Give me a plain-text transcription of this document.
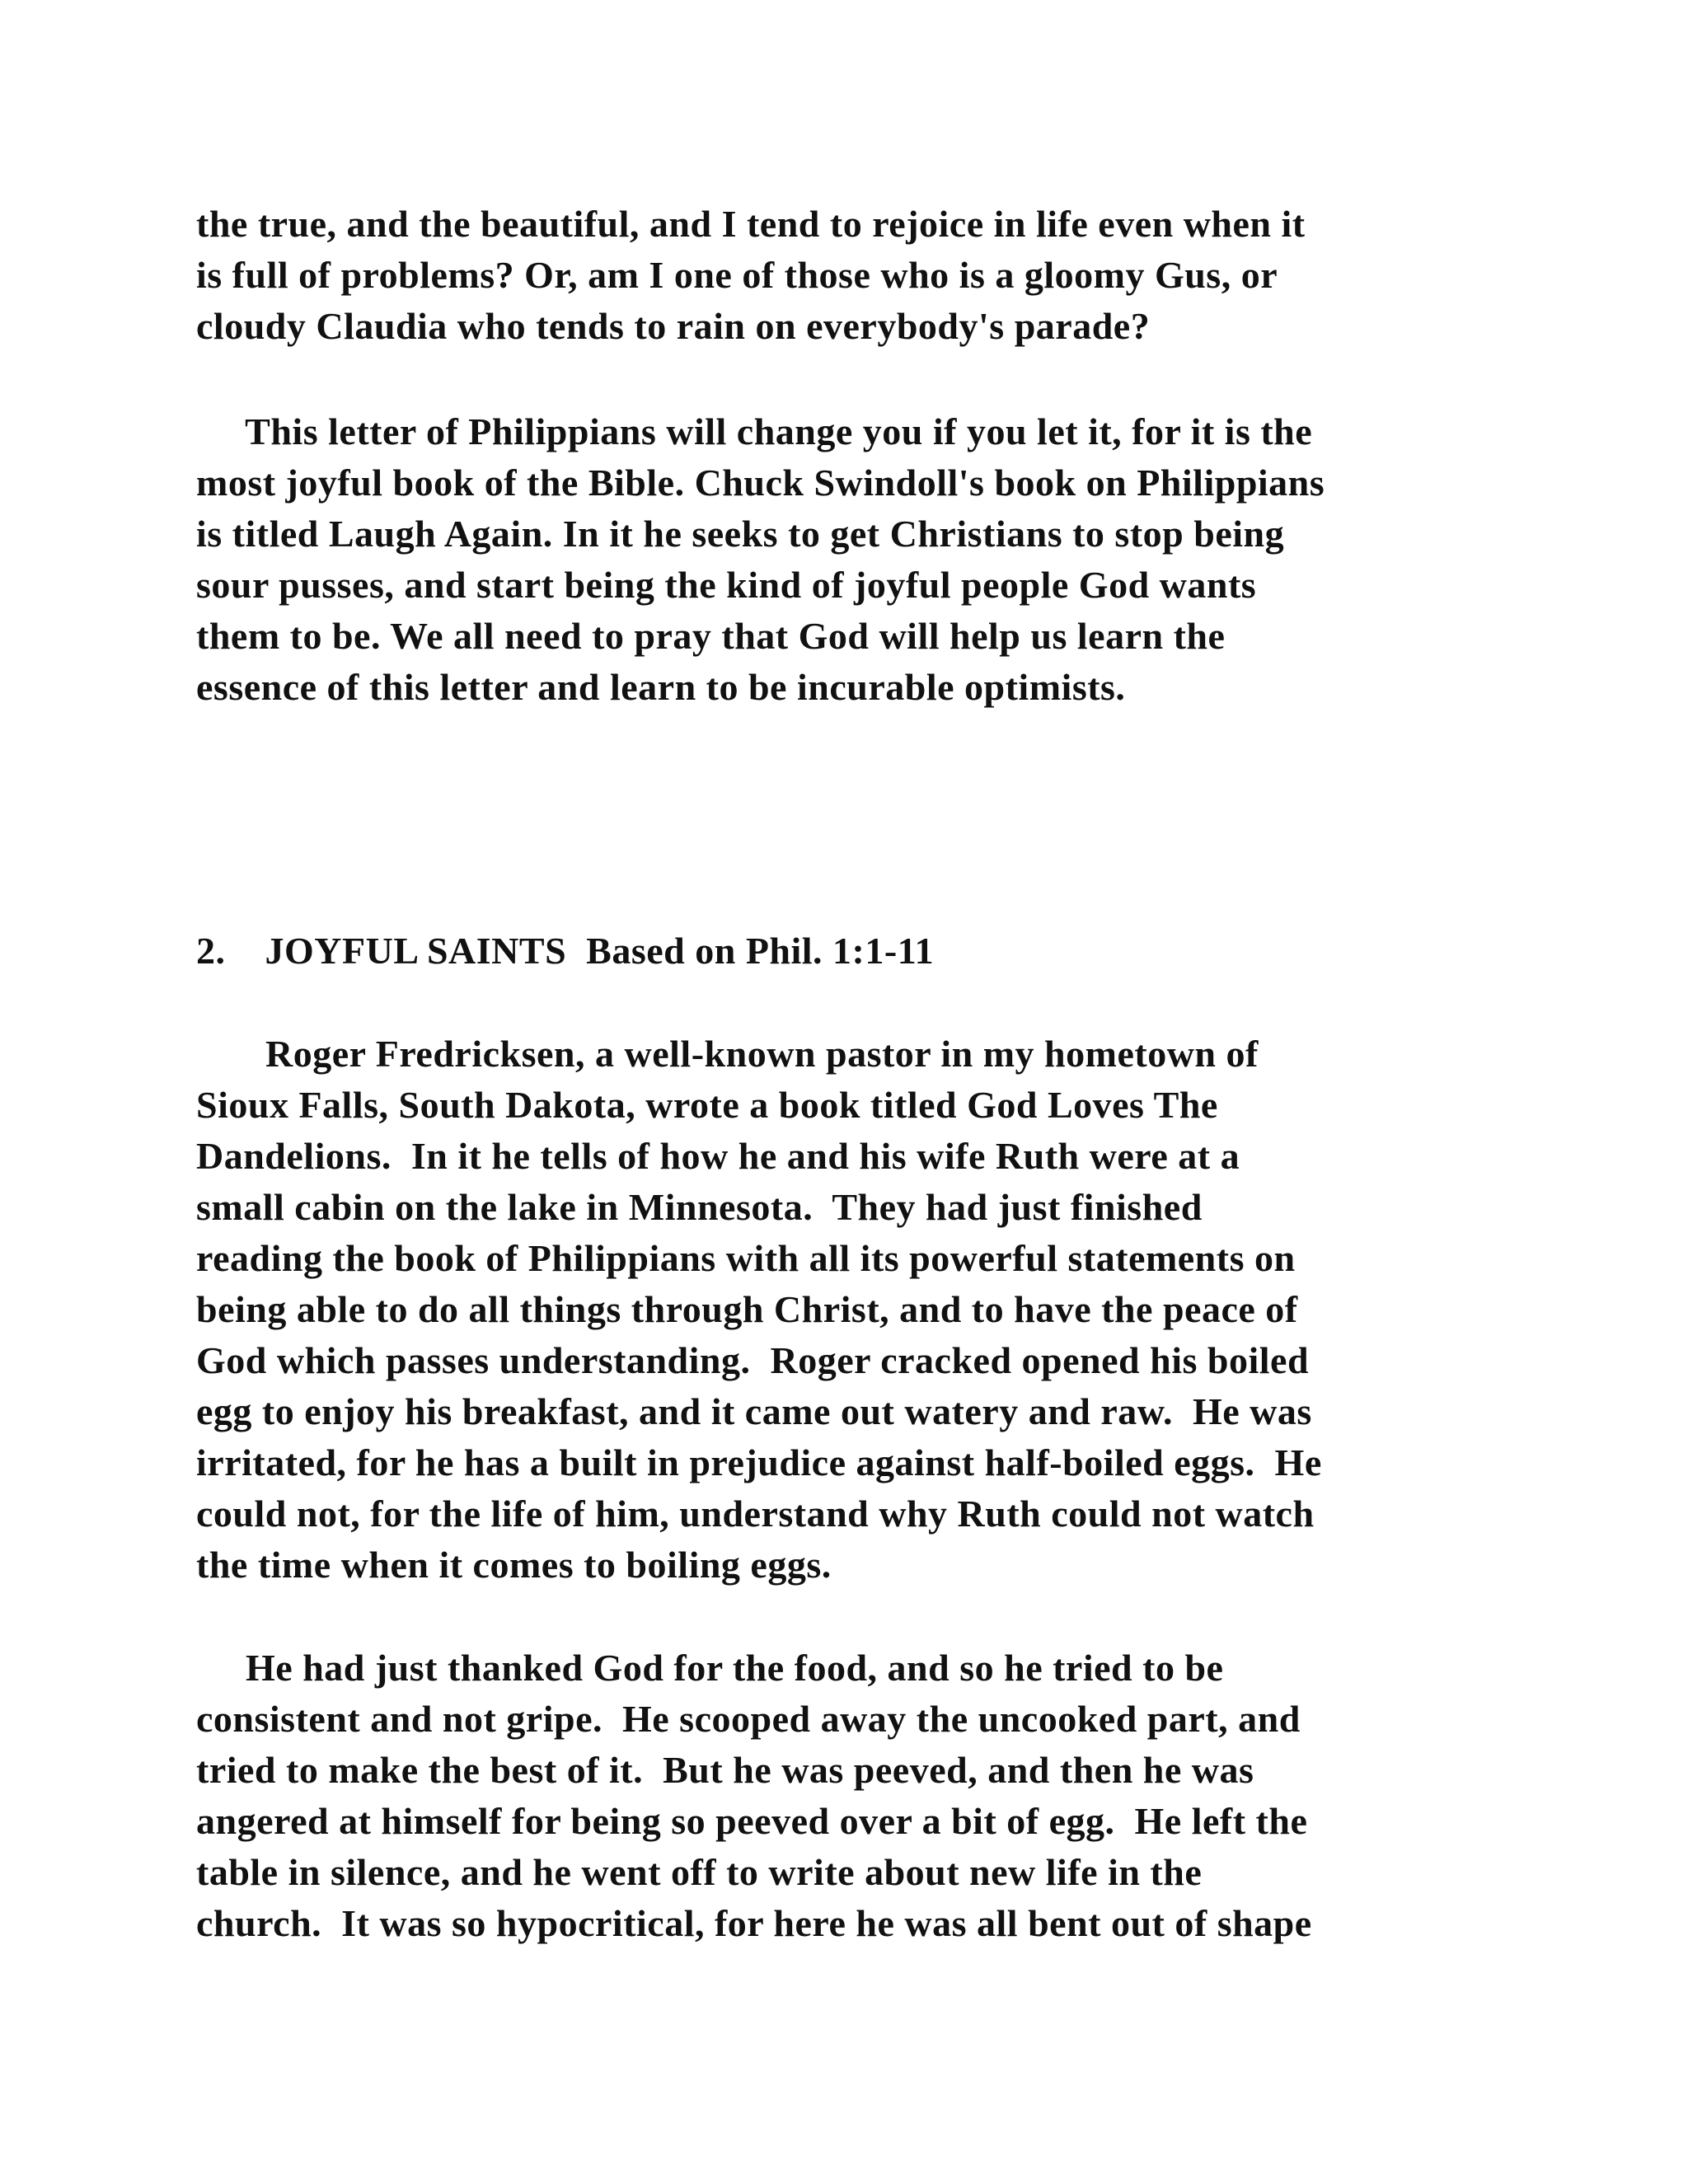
the true, and the beautiful, and I tend to rejoice in life even when it
is full of problems? Or, am I one of those who is a gloomy Gus, or
cloudy Claudia who tends to rain on everybody's parade?
This letter of Philippians will change you if you let it, for it is the
most joyful book of the Bible. Chuck Swindoll's book on Philippians
is titled Laugh Again. In it he seeks to get Christians to stop being
sour pusses, and start being the kind of joyful people God wants
them to be. We all need to pray that God will help us learn the
essence of this letter and learn to be incurable optimists.
2.    JOYFUL SAINTS  Based on Phil. 1:1-11
Roger Fredricksen, a well-known pastor in my hometown of
Sioux Falls, South Dakota, wrote a book titled God Loves The
Dandelions.  In it he tells of how he and his wife Ruth were at a
small cabin on the lake in Minnesota.  They had just finished
reading the book of Philippians with all its powerful statements on
being able to do all things through Christ, and to have the peace of
God which passes understanding.  Roger cracked opened his boiled
egg to enjoy his breakfast, and it came out watery and raw.  He was
irritated, for he has a built in prejudice against half-boiled eggs.  He
could not, for the life of him, understand why Ruth could not watch
the time when it comes to boiling eggs.
He had just thanked God for the food, and so he tried to be
consistent and not gripe.  He scooped away the uncooked part, and
tried to make the best of it.  But he was peeved, and then he was
angered at himself for being so peeved over a bit of egg.  He left the
table in silence, and he went off to write about new life in the
church.  It was so hypocritical, for here he was all bent out of shape
